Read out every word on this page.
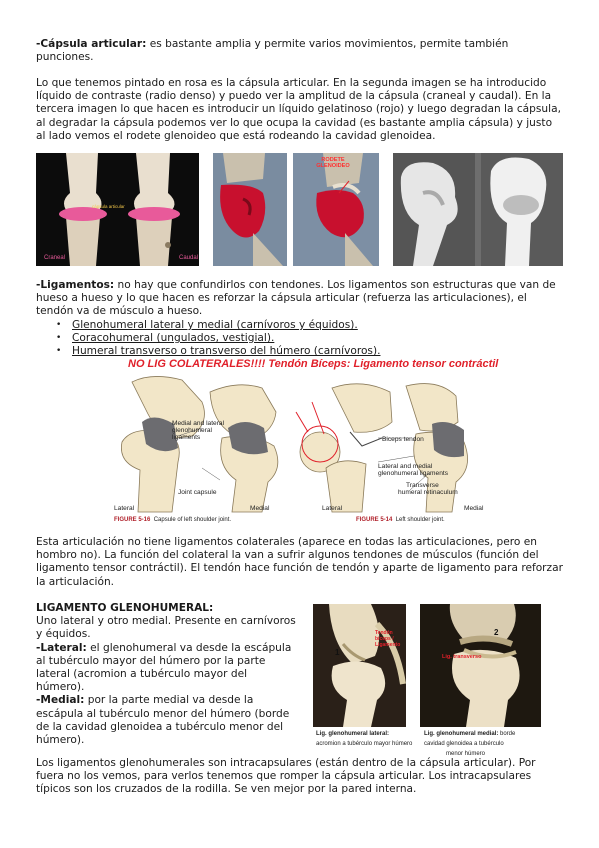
-Cápsula articular: es bastante amplia y permite varios movimientos, permite también punciones.

Lo que tenemos pintado en rosa es la cápsula articular. En la segunda imagen se ha introducido líquido de contraste (radio denso) y puedo ver la amplitud de la cápsula (craneal y caudal). En la tercera imagen lo que hacen es introducir un líquido gelatinoso (rojo) y luego degradan la cápsula, al degradar la cápsula podemos ver lo que ocupa la cavidad (es bastante amplia cápsula) y justo al lado vemos el rodete glenoideo que está rodeando la cavidad glenoidea.

Craneal	Caudal
cápsula articular
RODETE GLENOIDEO

-Ligamentos: no hay que confundirlos con tendones. Los ligamentos son estructuras que van de hueso a hueso y lo que hacen es reforzar la cápsula articular (refuerza las articulaciones), el tendón va de músculo a hueso.

• Glenohumeral lateral y medial (carnívoros y équidos).
• Coracohumeral (ungulados, vestigial).
• Humeral transverso o transverso del húmero (carnívoros).
NO LIG COLATERALES!!!! Tendón Bíceps: Ligamento tensor contráctil
Medial and lateral
glenohumeral
ligaments
Joint capsule
Lateral	Medial
Biceps tendon
Lateral and medial
glenohumeral ligaments
Transverse
humeral retinaculum
Lateral	Medial
FIGURE 5-16 Capsule of left shoulder joint.	FIGURE 5-14 Left shoulder joint.

Esta articulación no tiene ligamentos colaterales (aparece en todas las articulaciones, pero en hombro no). La función del colateral la van a sufrir algunos tendones de músculos (función del ligamento tensor contráctil). El tendón hace función de tendón y aparte de ligamento para reforzar la articulación.

LIGAMENTO GLENOHUMERAL:
Uno lateral y otro medial. Presente en carnívoros y équidos.
-Lateral: el glenohumeral va desde la escápula al tubérculo mayor del húmero por la parte lateral (acromion a tubérculo mayor del húmero).
-Medial: por la parte medial va desde la escápula al tubérculo menor del húmero (borde de la cavidad glenoidea a tubérculo menor del húmero).
1
Tendón bíceps / Ligamento
2
Lig. transverso
Lig. glenohumeral lateral:
acromion a tubérculo mayor húmero
Lig. glenohumeral medial: borde
cavidad glenoidea a tubérculo
menor húmero

Los ligamentos glenohumerales son intracapsulares (están dentro de la cápsula articular). Por fuera no los vemos, para verlos tenemos que romper la cápsula articular. Los intracapsulares típicos son los cruzados de la rodilla. Se ven mejor por la pared interna.
